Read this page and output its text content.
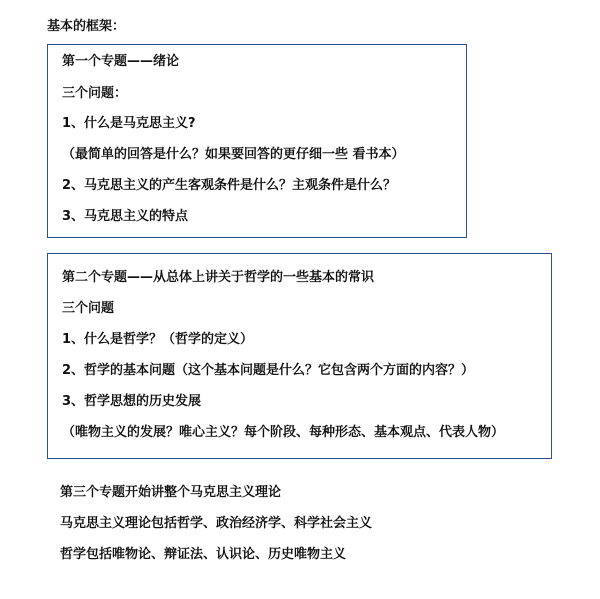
基本的框架：
第一个专题——绪论
三个问题：
1、什么是马克思主义?
（最简单的回答是什么？如果要回答的更仔细一些 看书本）
2、马克思主义的产生客观条件是什么？主观条件是什么？
3、马克思主义的特点
第二个专题——从总体上讲关于哲学的一些基本的常识
三个问题
1、什么是哲学？（哲学的定义）
2、哲学的基本问题（这个基本问题是什么？它包含两个方面的内容？）
3、哲学思想的历史发展
（唯物主义的发展？唯心主义？每个阶段、每种形态、基本观点、代表人物）
第三个专题开始讲整个马克思主义理论
马克思主义理论包括哲学、政治经济学、科学社会主义
哲学包括唯物论、辩证法、认识论、历史唯物主义
